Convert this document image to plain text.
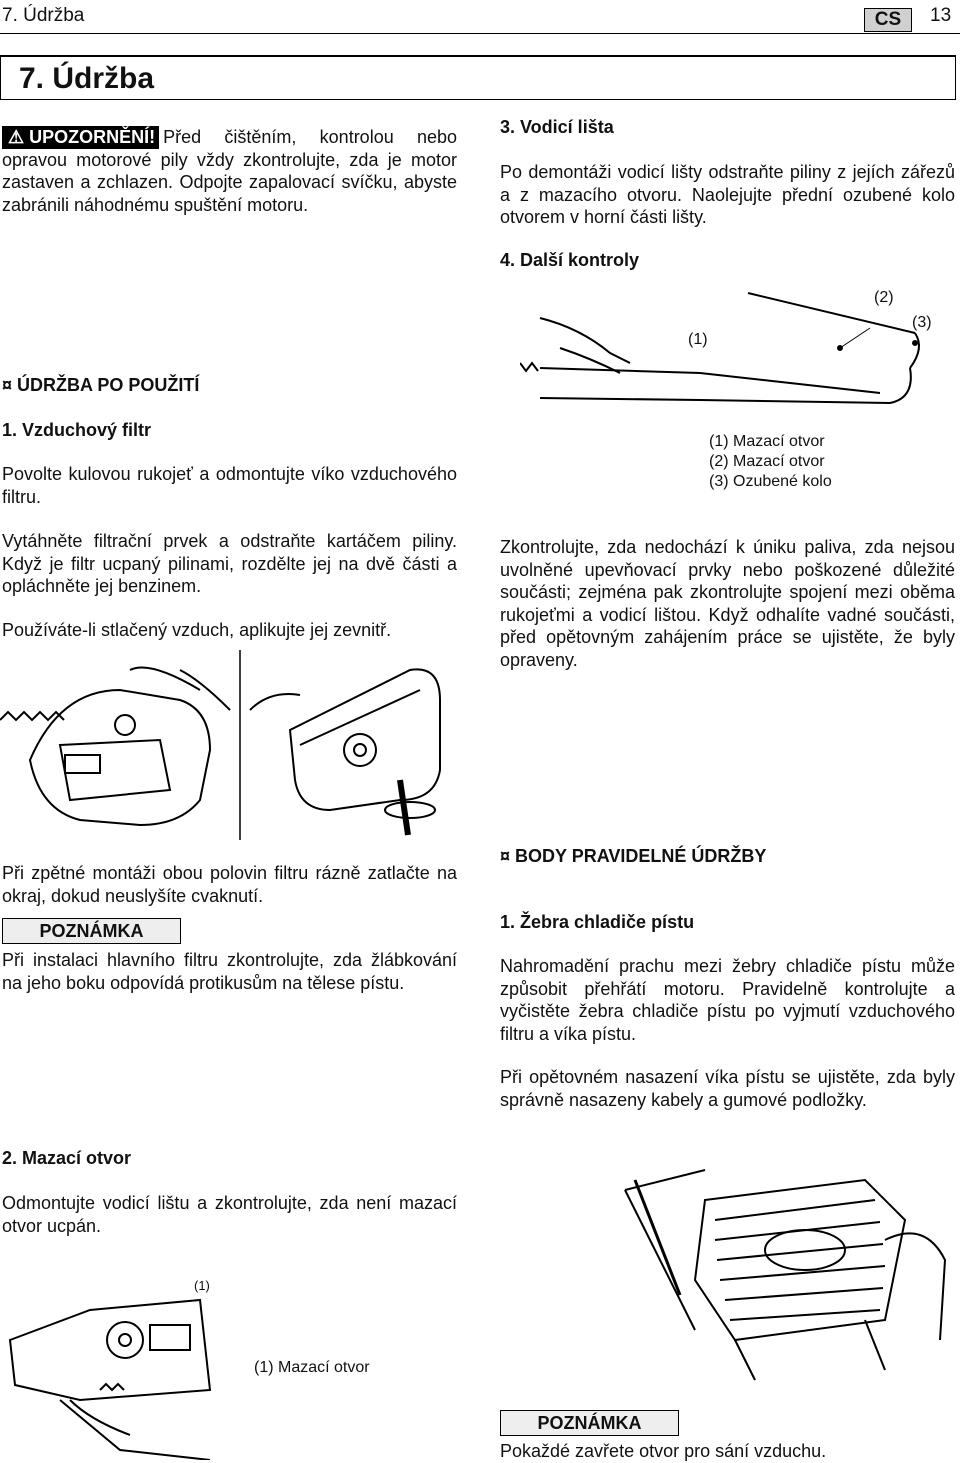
7. Údržba	CS	13
7. Údržba
⚠ UPOZORNĚNÍ! Před čištěním, kontrolou nebo opravou motorové pily vždy zkontrolujte, zda je motor zastaven a zchlazen. Odpojte zapalovací svíčku, abyste zabránili náhodnému spuštění motoru.
¤ ÚDRŽBA PO POUŽITÍ
1. Vzduchový filtr
Povolte kulovou rukojeť a odmontujte víko vzduchového filtru.
Vytáhněte filtrační prvek a odstraňte kartáčem piliny. Když je filtr ucpaný pilinami, rozdělte jej na dvě části a opláchněte jej benzinem.
Používáte-li stlačený vzduch, aplikujte jej zevnitř.
Při zpětné montáži obou polovin filtru rázně zatlačte na okraj, dokud neuslyšíte cvaknutí.
POZNÁMKA
Při instalaci hlavního filtru zkontrolujte, zda žlábkování na jeho boku odpovídá protikusům na tělese pístu.
2. Mazací otvor
Odmontujte vodicí lištu a zkontrolujte, zda není mazací otvor ucpán.
(1)
(1) Mazací otvor
3. Vodicí lišta
Po demontáži vodicí lišty odstraňte piliny z jejích zářezů a z mazacího otvoru. Naolejujte přední ozubené kolo otvorem v horní části lišty.
4. Další kontroly
(1)
(2)
(3)
(1) Mazací otvor
(2) Mazací otvor
(3) Ozubené kolo
Zkontrolujte, zda nedochází k úniku paliva, zda nejsou uvolněné upevňovací prvky nebo poškozené důležité součásti; zejména pak zkontrolujte spojení mezi oběma rukojeťmi a vodicí lištou. Když odhalíte vadné součásti, před opětovným zahájením práce se ujistěte, že byly opraveny.
¤ BODY PRAVIDELNÉ ÚDRŽBY
1. Žebra chladiče pístu
Nahromadění prachu mezi žebry chladiče pístu může způsobit přehřátí motoru. Pravidelně kontrolujte a vyčistěte žebra chladiče pístu po vyjmutí vzduchového filtru a víka pístu.
Při opětovném nasazení víka pístu se ujistěte, zda byly správně nasazeny kabely a gumové podložky.
POZNÁMKA
Pokaždé zavřete otvor pro sání vzduchu.
